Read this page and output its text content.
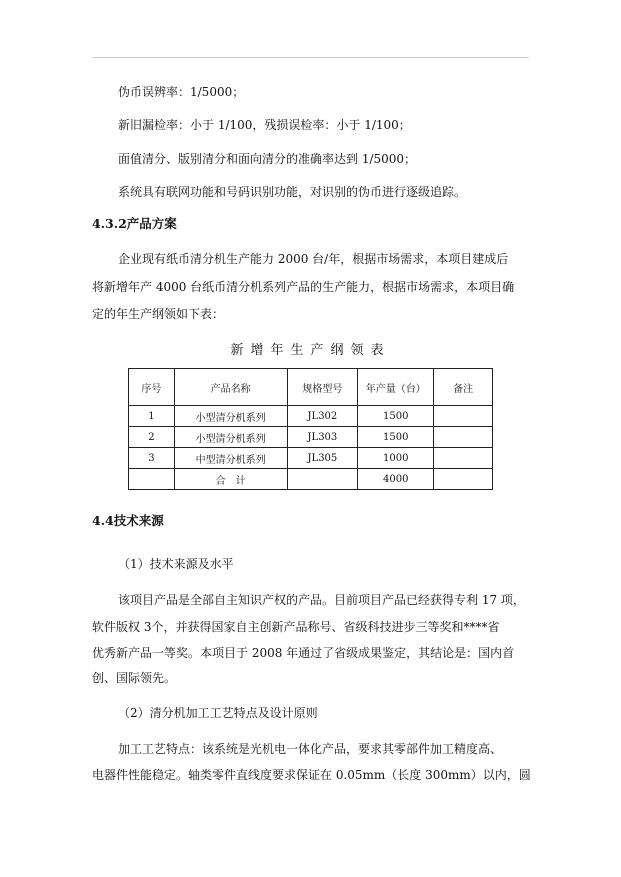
伪币误辨率：1/5000；
新旧漏检率：小于 1/100，残损误检率：小于 1/100；
面值清分、版别清分和面向清分的准确率达到 1/5000；
系统具有联网功能和号码识别功能，对识别的伪币进行逐级追踪。
4.3.2产品方案
企业现有纸币清分机生产能力 2000 台/年，根据市场需求，本项目建成后
将新增年产 4000 台纸币清分机系列产品的生产能力，根据市场需求，本项目确
定的年生产纲领如下表：
新增年生产纲领表
序号	产品名称	规格型号	年产量（台）	备注
1	小型清分机系列	JL302	1500	
2	小型清分机系列	JL303	1500	
3	中型清分机系列	JL305	1000	
	合　计		4000	
4.4技术来源
（1）技术来源及水平
该项目产品是全部自主知识产权的产品。目前项目产品已经获得专利 17 项，
软件版权 3个，并获得国家自主创新产品称号、省级科技进步三等奖和****省
优秀新产品一等奖。本项目于 2008 年通过了省级成果鉴定，其结论是：国内首
创、国际领先。
（2）清分机加工工艺特点及设计原则
加工工艺特点：该系统是光机电一体化产品，要求其零部件加工精度高、
电器件性能稳定。轴类零件直线度要求保证在 0.05mm（长度 300mm）以内，圆
